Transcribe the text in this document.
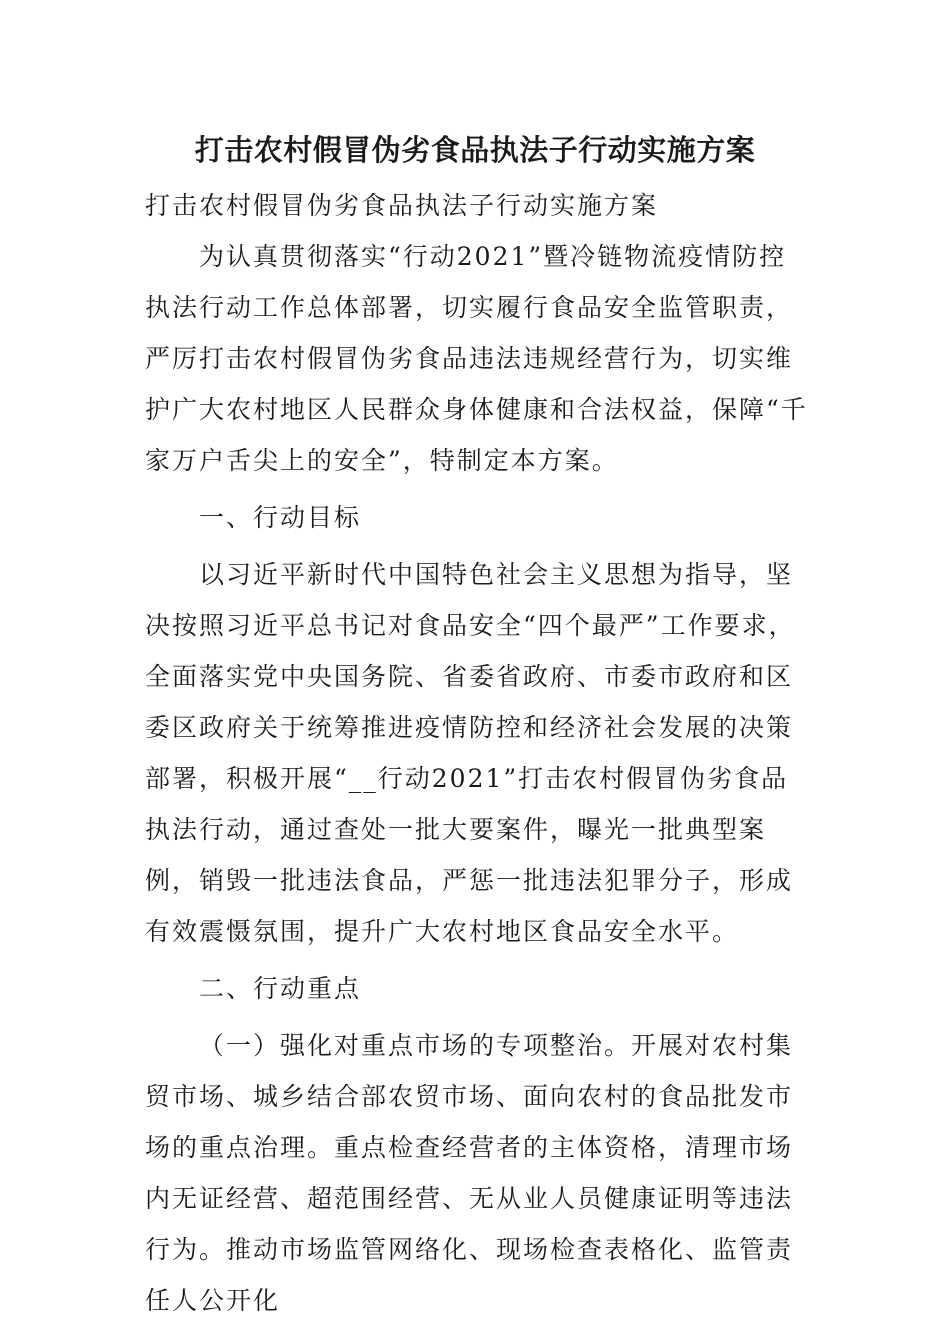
打击农村假冒伪劣食品执法子行动实施方案

打击农村假冒伪劣食品执法子行动实施方案

为认真贯彻落实“行动2021”暨冷链物流疫情防控执法行动工作总体部署，切实履行食品安全监管职责，严厉打击农村假冒伪劣食品违法违规经营行为，切实维护广大农村地区人民群众身体健康和合法权益，保障“千家万户舌尖上的安全”，特制定本方案。

一、行动目标

以习近平新时代中国特色社会主义思想为指导，坚决按照习近平总书记对食品安全“四个最严”工作要求，全面落实党中央国务院、省委省政府、市委市政府和区委区政府关于统筹推进疫情防控和经济社会发展的决策部署，积极开展“__行动2021”打击农村假冒伪劣食品执法行动，通过查处一批大要案件，曝光一批典型案例，销毁一批违法食品，严惩一批违法犯罪分子，形成有效震慑氛围，提升广大农村地区食品安全水平。

二、行动重点

（一）强化对重点市场的专项整治。开展对农村集贸市场、城乡结合部农贸市场、面向农村的食品批发市场的重点治理。重点检查经营者的主体资格，清理市场内无证经营、超范围经营、无从业人员健康证明等违法行为。推动市场监管网络化、现场检查表格化、监管责任人公开化
